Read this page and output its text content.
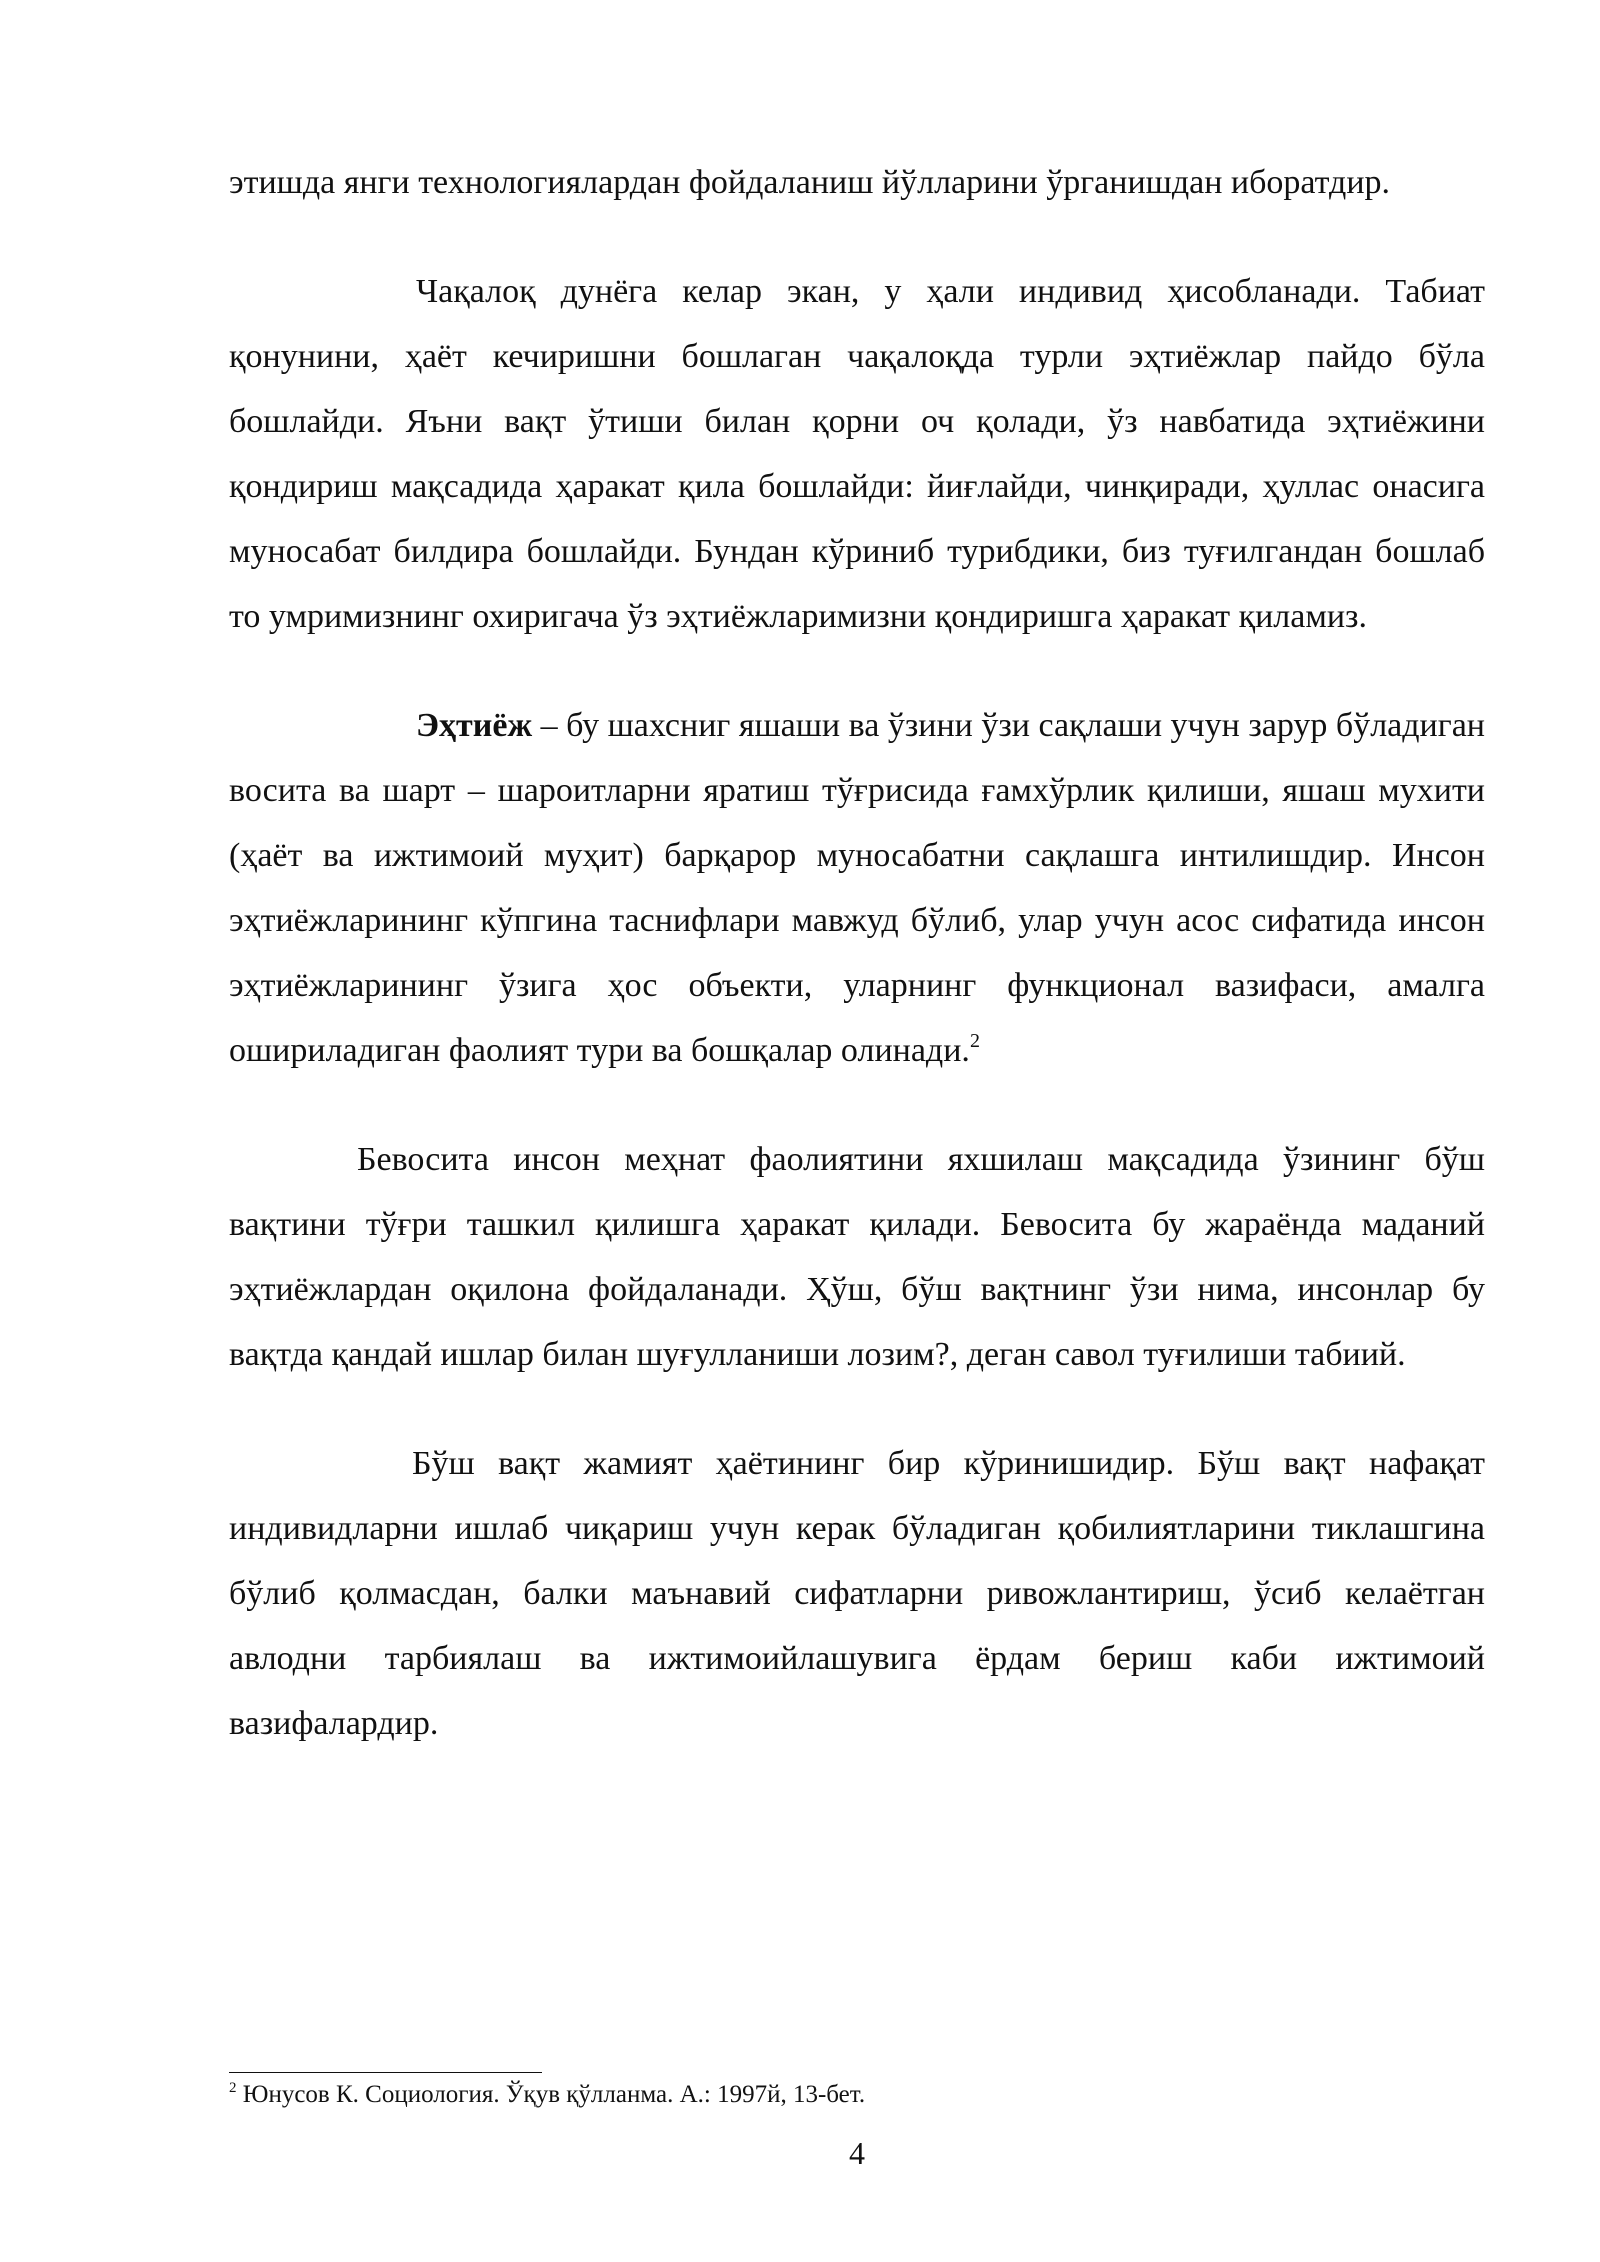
этишда янги технологиялардан фойдаланиш йўлларини ўрганишдан иборатдир.

Чақалоқ дунёга келар экан, у ҳали индивид ҳисобланади. Табиат қонунини, ҳаёт кечиришни бошлаган чақалоқда турли эҳтиёжлар пайдо бўла бошлайди. Яъни вақт ўтиши билан қорни оч қолади, ўз навбатида эҳтиёжини қондириш мақсадида ҳаракат қила бошлайди: йиғлайди, чинқиради, ҳуллас онасига муносабат билдира бошлайди. Бундан кўриниб турибдики, биз туғилгандан бошлаб то умримизнинг охиригача ўз эҳтиёжларимизни қондиришга ҳаракат қиламиз.

Эҳтиёж – бу шахсниг яшаши ва ўзини ўзи сақлаши учун зарур бўладиган восита ва шарт – шароитларни яратиш тўғрисида ғамхўрлик қилиши, яшаш мухити (ҳаёт ва ижтимоий муҳит) барқарор муносабатни сақлашга интилишдир. Инсон эҳтиёжларининг кўпгина таснифлари мавжуд бўлиб, улар учун асос сифатида инсон эҳтиёжларининг ўзига ҳос объекти, уларнинг функционал вазифаси, амалга ошириладиган фаолият тури ва бошқалар олинади.$^2$

Бевосита инсон меҳнат фаолиятини яхшилаш мақсадида ўзининг бўш вақтини тўғри ташкил қилишга ҳаракат қилади. Бевосита бу жараёнда маданий эҳтиёжлардан оқилона фойдаланади. Ҳўш, бўш вақтнинг ўзи нима, инсонлар бу вақтда қандай ишлар билан шуғулланиши лозим?, деган савол туғилиши табиий.

Бўш вақт жамият ҳаётининг бир кўринишидир. Бўш вақт нафақат индивидларни ишлаб чиқариш учун керак бўладиган қобилиятларини тиклашгина бўлиб қолмасдан, балки маънавий сифатларни ривожлантириш, ўсиб келаётган авлодни тарбиялаш ва ижтимоийлашувига ёрдам бериш каби ижтимоий вазифалардир.

$^2$ Юнусов К. Социология. Ўқув қўлланма. А.: 1997й, 13-бет.
4
